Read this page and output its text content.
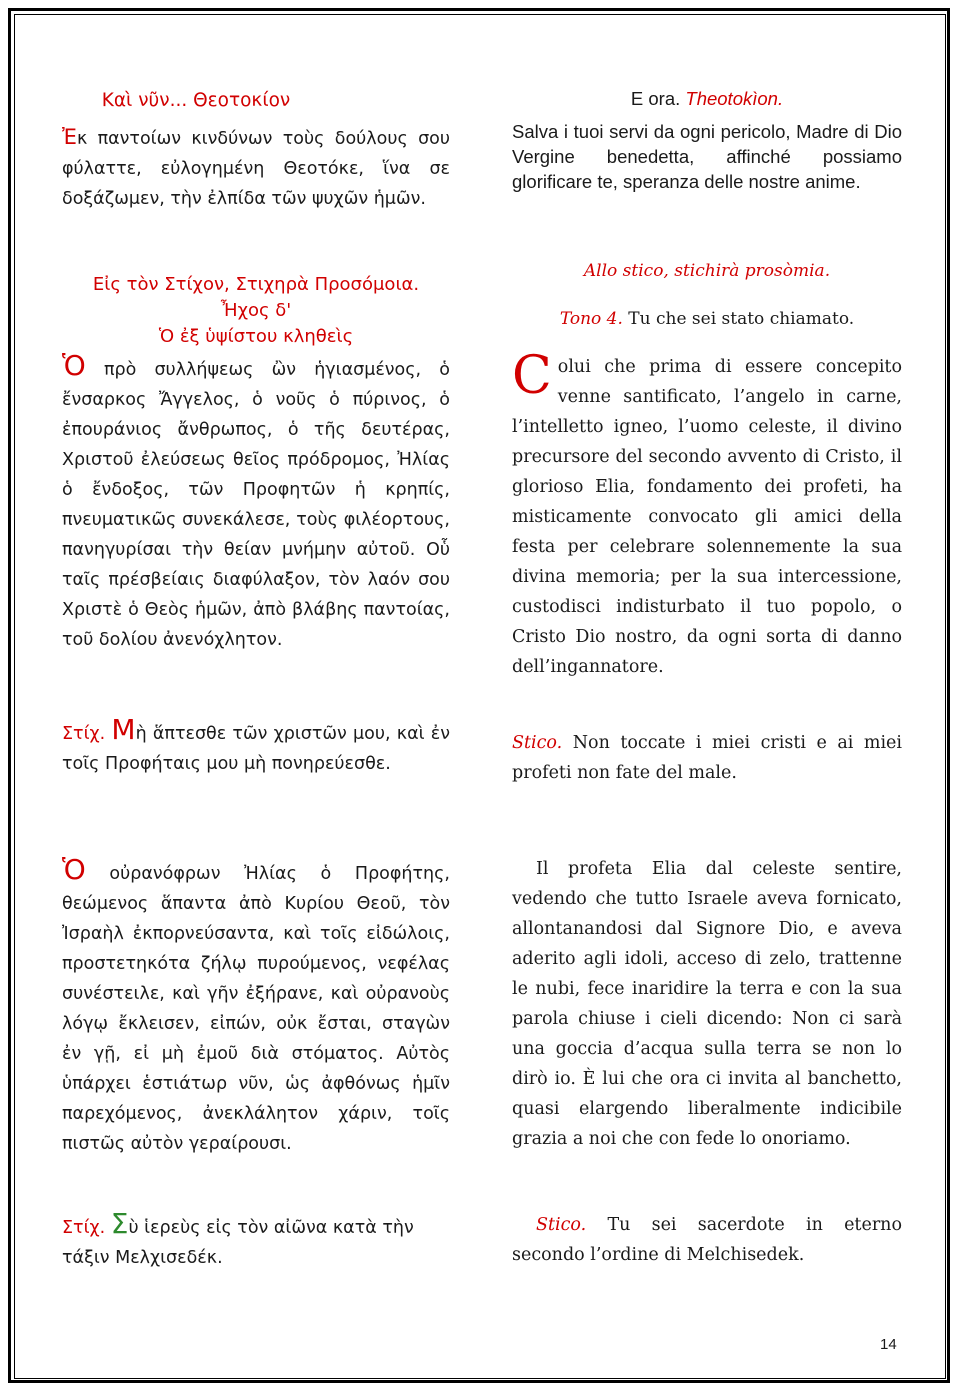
Καὶ νῦν... Θεοτοκίον

Ἐκ παντοίων κινδύνων τοὺς δούλους σου φύλαττε, εὐλογημένη Θεοτόκε, ἵνα σε δοξάζωμεν, τὴν ἐλπίδα τῶν ψυχῶν ἡμῶν.

Εἰς τὸν Στίχον, Στιχηρὰ Προσόμοια.

Ἦχος δ'

Ὁ ἐξ ὑψίστου κληθεὶς

Ὁ πρὸ συλλήψεως ὢν ἡγιασμένος, ὁ ἔνσαρκος Ἄγγελος, ὁ νοῦς ὁ πύρινος, ὁ ἐπουράνιος ἄνθρωπος, ὁ τῆς δευτέρας, Χριστοῦ ἐλεύσεως θεῖος πρόδρομος, Ἠλίας ὁ ἔνδοξος, τῶν Προφητῶν ἡ κρηπίς, πνευματικῶς συνεκάλεσε, τοὺς φιλέορτους, πανηγυρίσαι τὴν θείαν μνήμην αὐτοῦ. Οὗ ταῖς πρέσβείαις διαφύλαξον, τὸν λαόν σου Χριστὲ ὁ Θεὸς ἡμῶν, ἀπὸ βλάβης παντοίας, τοῦ δολίου ἀνενόχλητον.

Στίχ. Μὴ ἅπτεσθε τῶν χριστῶν μου, καὶ ἐν τοῖς Προφήταις μου μὴ πονηρεύεσθε.

Ὁ οὐρανόφρων Ἠλίας ὁ Προφήτης, θεώμενος ἅπαντα ἀπὸ Κυρίου Θεοῦ, τὸν Ἰσραὴλ ἐκπορνεύσαντα, καὶ τοῖς εἰδώλοις, προστετηκότα ζήλῳ πυρούμενος, νεφέλας συνέστειλε, καὶ γῆν ἐξήρανε, καὶ οὐρανοὺς λόγῳ ἔκλεισεν, εἰπών, οὐκ ἔσται, σταγὼν ἐν γῇ, εἰ μὴ ἐμοῦ διὰ στόματος. Αὐτὸς ὑπάρχει ἑστιάτωρ νῦν, ὡς ἀφθόνως ἡμῖν παρεχόμενος, ἀνεκλάλητον χάριν, τοῖς πιστῶς αὐτὸν γεραίρουσι.

Στίχ. Σὺ ἱερεὺς εἰς τὸν αἰῶνα κατὰ τὴν τάξιν Μελχισεδέκ.

E ora. Theotokìon.

Salva i tuoi servi da ogni pericolo, Madre di Dio Vergine benedetta, affinché possiamo glorificare te, speranza delle nostre anime.

Allo stico, stichirà prosòmia.

Tono 4. Tu che sei stato chiamato.

Colui che prima di essere concepito venne santificato, l’angelo in carne, l’intelletto igneo, l’uomo celeste, il divino precursore del secondo avvento di Cristo, il glorioso Elia, fondamento dei profeti, ha misticamente convocato gli amici della festa per celebrare solennemente la sua divina memoria; per la sua intercessione, custodisci indisturbato il tuo popolo, o Cristo Dio nostro, da ogni sorta di danno dell’ingannatore.

Stico. Non toccate i miei cristi e ai miei profeti non fate del male.

Il profeta Elia dal celeste sentire, vedendo che tutto Israele aveva fornicato, allontanandosi dal Signore Dio, e aveva aderito agli idoli, acceso di zelo, trattenne le nubi, fece inaridire la terra e con la sua parola chiuse i cieli dicendo: Non ci sarà una goccia d’acqua sulla terra se non lo dirò io. È lui che ora ci invita al banchetto, quasi elargendo liberalmente indicibile grazia a noi che con fede lo onoriamo.

Stico. Tu sei sacerdote in eterno secondo l’ordine di Melchisedek.

14
